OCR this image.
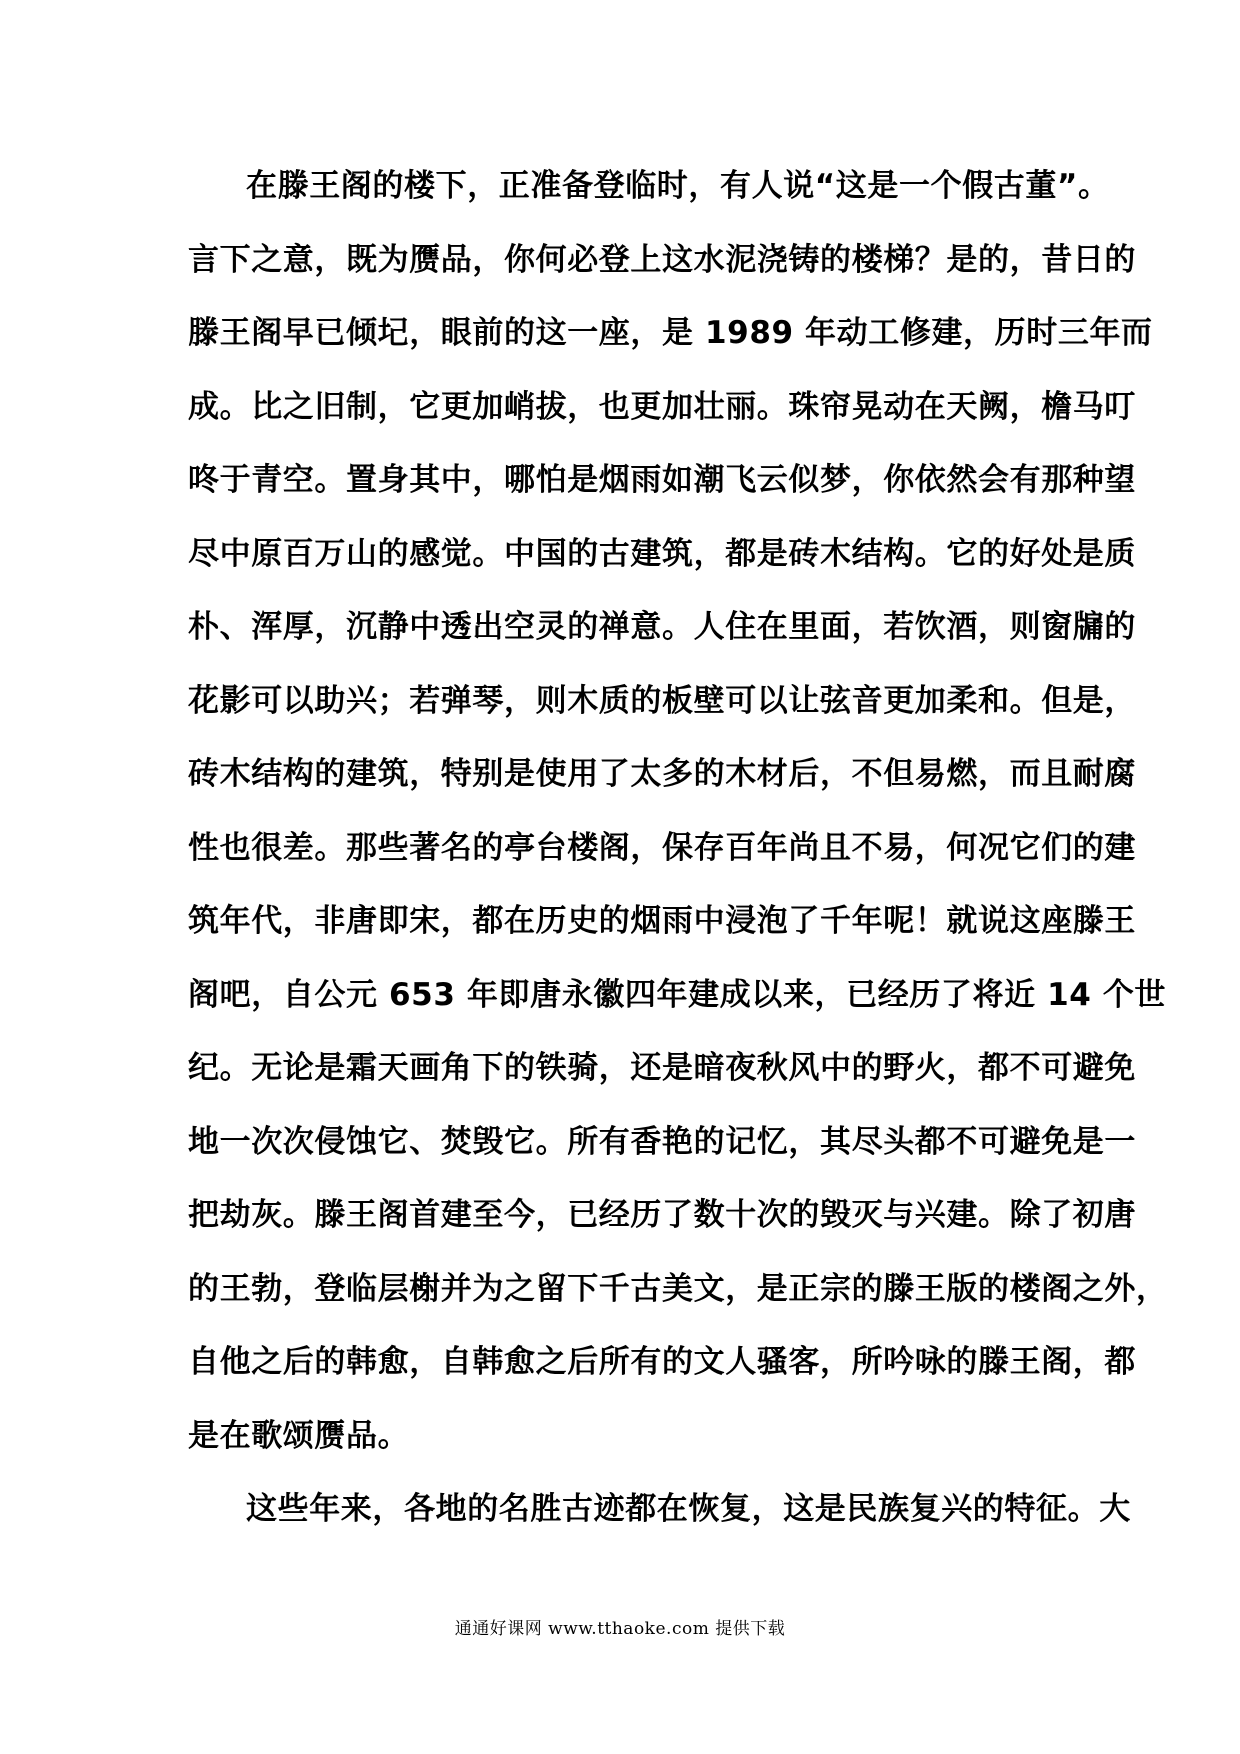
在滕王阁的楼下，正准备登临时，有人说“这是一个假古董”。
言下之意，既为赝品，你何必登上这水泥浇铸的楼梯？是的，昔日的
滕王阁早已倾圮，眼前的这一座，是 1989 年动工修建，历时三年而
成。比之旧制，它更加峭拔，也更加壮丽。珠帘晃动在天阙，檐马叮
咚于青空。置身其中，哪怕是烟雨如潮飞云似梦，你依然会有那种望
尽中原百万山的感觉。中国的古建筑，都是砖木结构。它的好处是质
朴、浑厚，沉静中透出空灵的禅意。人住在里面，若饮酒，则窗牖的
花影可以助兴；若弹琴，则木质的板壁可以让弦音更加柔和。但是，
砖木结构的建筑，特别是使用了太多的木材后，不但易燃，而且耐腐
性也很差。那些著名的亭台楼阁，保存百年尚且不易，何况它们的建
筑年代，非唐即宋，都在历史的烟雨中浸泡了千年呢！就说这座滕王
阁吧，自公元 653 年即唐永徽四年建成以来，已经历了将近 14 个世
纪。无论是霜天画角下的铁骑，还是暗夜秋风中的野火，都不可避免
地一次次侵蚀它、焚毁它。所有香艳的记忆，其尽头都不可避免是一
把劫灰。滕王阁首建至今，已经历了数十次的毁灭与兴建。除了初唐
的王勃，登临层榭并为之留下千古美文，是正宗的滕王版的楼阁之外，
自他之后的韩愈，自韩愈之后所有的文人骚客，所吟咏的滕王阁，都
是在歌颂赝品。

这些年来，各地的名胜古迹都在恢复，这是民族复兴的特征。大

通通好课网 www.tthaoke.com 提供下载
